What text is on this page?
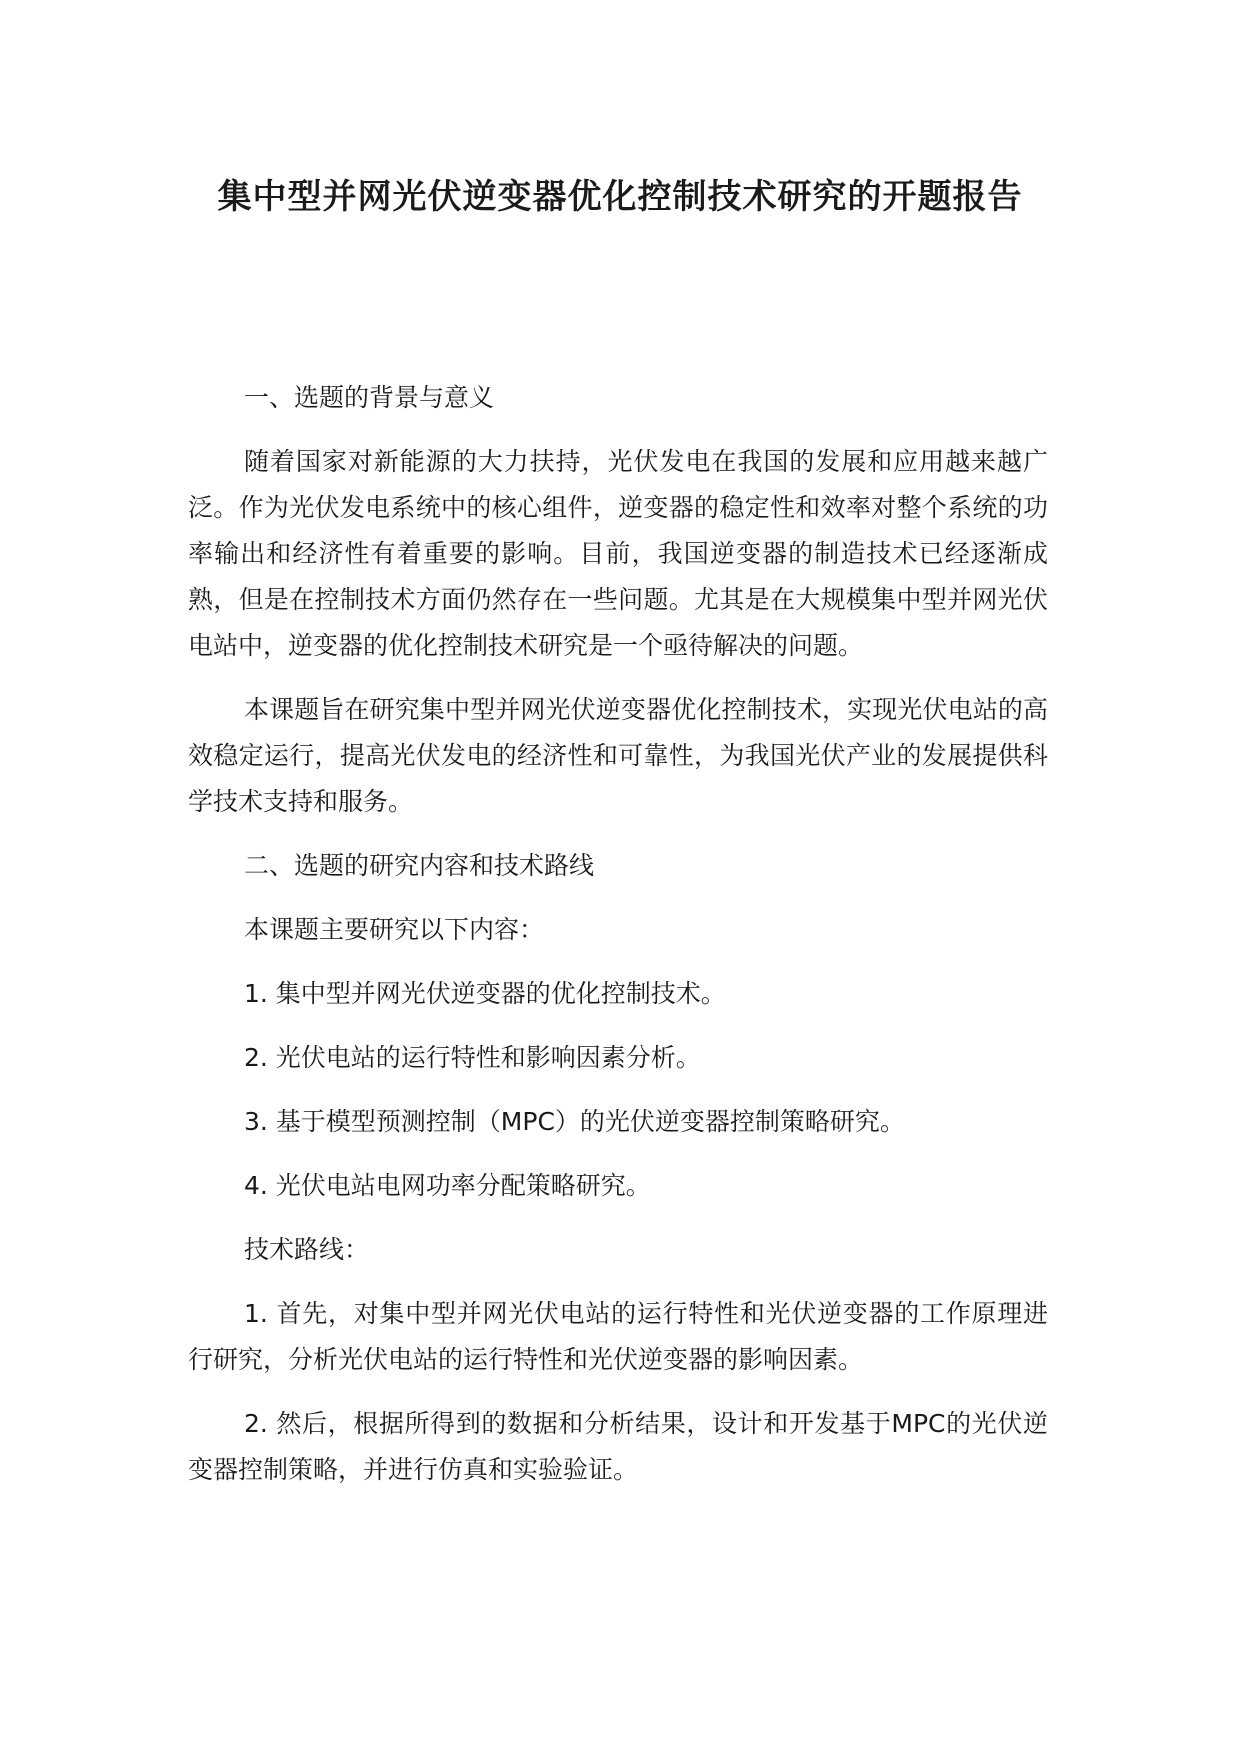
集中型并网光伏逆变器优化控制技术研究的开题报告

一、选题的背景与意义

随着国家对新能源的大力扶持，光伏发电在我国的发展和应用越来越广泛。作为光伏发电系统中的核心组件，逆变器的稳定性和效率对整个系统的功率输出和经济性有着重要的影响。目前，我国逆变器的制造技术已经逐渐成熟，但是在控制技术方面仍然存在一些问题。尤其是在大规模集中型并网光伏电站中，逆变器的优化控制技术研究是一个亟待解决的问题。

本课题旨在研究集中型并网光伏逆变器优化控制技术，实现光伏电站的高效稳定运行，提高光伏发电的经济性和可靠性，为我国光伏产业的发展提供科学技术支持和服务。

二、选题的研究内容和技术路线

本课题主要研究以下内容：

1. 集中型并网光伏逆变器的优化控制技术。

2. 光伏电站的运行特性和影响因素分析。

3. 基于模型预测控制（MPC）的光伏逆变器控制策略研究。

4. 光伏电站电网功率分配策略研究。

技术路线：

1. 首先，对集中型并网光伏电站的运行特性和光伏逆变器的工作原理进行研究，分析光伏电站的运行特性和光伏逆变器的影响因素。

2. 然后，根据所得到的数据和分析结果，设计和开发基于MPC的光伏逆变器控制策略，并进行仿真和实验验证。
